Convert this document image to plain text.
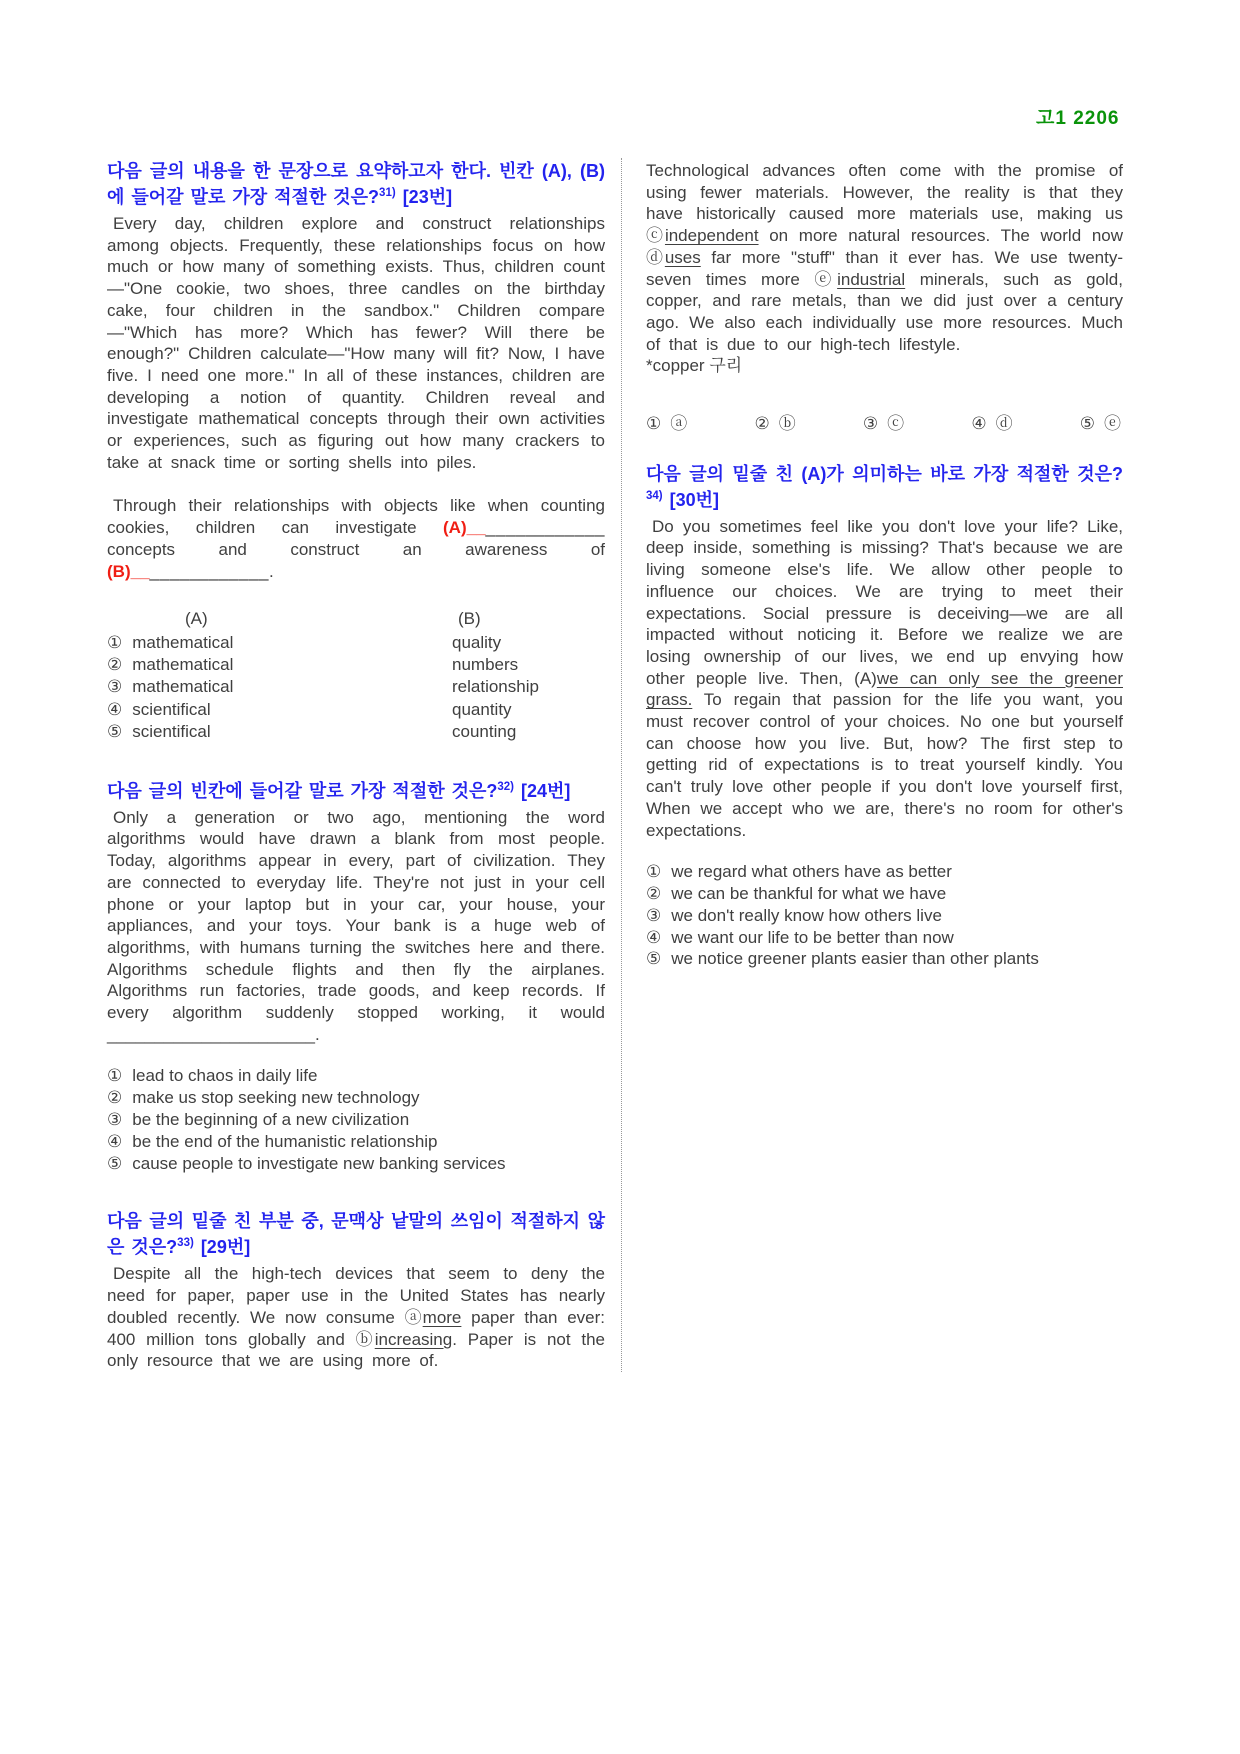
고1 2206
다음 글의 내용을 한 문장으로 요약하고자 한다. 빈칸 (A), (B)에 들어갈 말로 가장 적절한 것은?$^{31)}$ [23번]

Every day, children explore and construct relationships among objects. Frequently, these relationships focus on how much or how many of something exists. Thus, children count—"One cookie, two shoes, three candles on the birthday cake, four children in the sandbox." Children compare—"Which has more? Which has fewer? Will there be enough?" Children calculate—"How many will fit? Now, I have five. I need one more." In all of these instances, children are developing a notion of quantity. Children reveal and investigate mathematical concepts through their own activities or experiences, such as figuring out how many crackers to take at snack time or sorting shells into piles.

Through their relationships with objects like when counting cookies, children can investigate (A)______________ concepts and construct an awareness of (B)______________.

(A)	(B)
① mathematical	quality
② mathematical	numbers
③ mathematical	relationship
④ scientifical	quantity
⑤ scientifical	counting
다음 글의 빈칸에 들어갈 말로 가장 적절한 것은?$^{32)}$ [24번]

Only a generation or two ago, mentioning the word algorithms would have drawn a blank from most people. Today, algorithms appear in every, part of civilization. They are connected to everyday life. They're not just in your cell phone or your laptop but in your car, your house, your appliances, and your toys. Your bank is a huge web of algorithms, with humans turning the switches here and there. Algorithms schedule flights and then fly the airplanes. Algorithms run factories, trade goods, and keep records. If every algorithm suddenly stopped working, it would ______________________.

① lead to chaos in daily life
② make us stop seeking new technology
③ be the beginning of a new civilization
④ be the end of the humanistic relationship
⑤ cause people to investigate new banking services
다음 글의 밑줄 친 부분 중, 문맥상 낱말의 쓰임이 적절하지 않은 것은?$^{33)}$ [29번]

Despite all the high-tech devices that seem to deny the need for paper, paper use in the United States has nearly doubled recently. We now consume ⓐmore paper than ever: 400 million tons globally and ⓑincreasing. Paper is not the only resource that we are using more of.

Technological advances often come with the promise of using fewer materials. However, the reality is that they have historically caused more materials use, making us ⓒindependent on more natural resources. The world now ⓓuses far more "stuff" than it ever has. We use twenty-seven times more ⓔindustrial minerals, such as gold, copper, and rare metals, than we did just over a century ago. We also each individually use more resources. Much of that is due to our high-tech lifestyle.

*copper 구리

① ⓐ	② ⓑ	③ ⓒ	④ ⓓ	⑤ ⓔ
다음 글의 밑줄 친 (A)가 의미하는 바로 가장 적절한 것은?$^{34)}$ [30번]

Do you sometimes feel like you don't love your life? Like, deep inside, something is missing? That's because we are living someone else's life. We allow other people to influence our choices. We are trying to meet their expectations. Social pressure is deceiving—we are all impacted without noticing it. Before we realize we are losing ownership of our lives, we end up envying how other people live. Then, (A)we can only see the greener grass. To regain that passion for the life you want, you must recover control of your choices. No one but yourself can choose how you live. But, how? The first step to getting rid of expectations is to treat yourself kindly. You can't truly love other people if you don't love yourself first, When we accept who we are, there's no room for other's expectations.

① we regard what others have as better
② we can be thankful for what we have
③ we don't really know how others live
④ we want our life to be better than now
⑤ we notice greener plants easier than other plants
